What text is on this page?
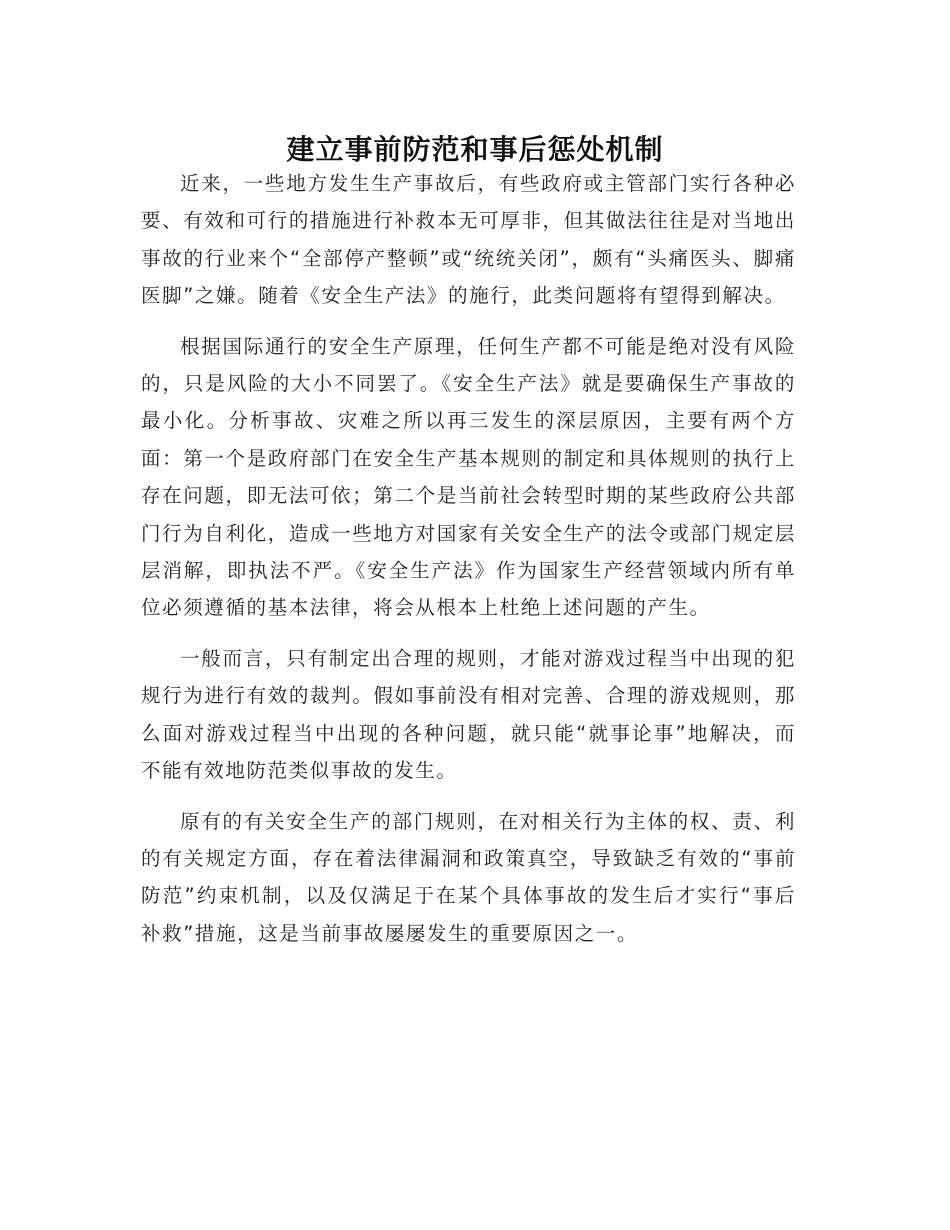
建立事前防范和事后惩处机制

近来，一些地方发生生产事故后，有些政府或主管部门实行各种必要、有效和可行的措施进行补救本无可厚非，但其做法往往是对当地出事故的行业来个“全部停产整顿”或“统统关闭”，颇有“头痛医头、脚痛医脚”之嫌。随着《安全生产法》的施行，此类问题将有望得到解决。

根据国际通行的安全生产原理，任何生产都不可能是绝对没有风险的，只是风险的大小不同罢了。《安全生产法》就是要确保生产事故的最小化。分析事故、灾难之所以再三发生的深层原因，主要有两个方面：第一个是政府部门在安全生产基本规则的制定和具体规则的执行上存在问题，即无法可依；第二个是当前社会转型时期的某些政府公共部门行为自利化，造成一些地方对国家有关安全生产的法令或部门规定层层消解，即执法不严。《安全生产法》作为国家生产经营领域内所有单位必须遵循的基本法律，将会从根本上杜绝上述问题的产生。

一般而言，只有制定出合理的规则，才能对游戏过程当中出现的犯规行为进行有效的裁判。假如事前没有相对完善、合理的游戏规则，那么面对游戏过程当中出现的各种问题，就只能“就事论事”地解决，而不能有效地防范类似事故的发生。

原有的有关安全生产的部门规则，在对相关行为主体的权、责、利的有关规定方面，存在着法律漏洞和政策真空，导致缺乏有效的“事前防范”约束机制，以及仅满足于在某个具体事故的发生后才实行“事后补救”措施，这是当前事故屡屡发生的重要原因之一。
